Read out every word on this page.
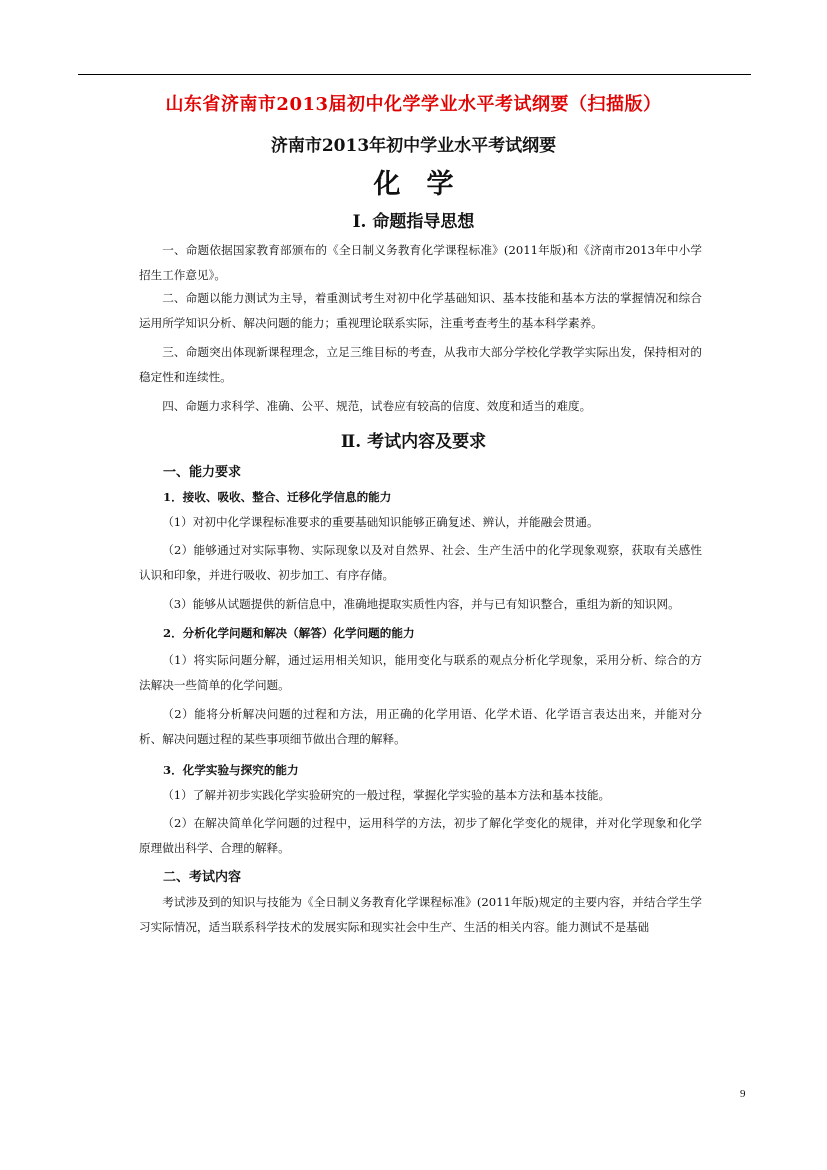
山东省济南市2013届初中化学学业水平考试纲要（扫描版）
济南市2013年初中学业水平考试纲要
化学
Ⅰ. 命题指导思想

一、命题依据国家教育部颁布的《全日制义务教育化学课程标准》(2011年版)和《济南市2013年中小学招生工作意见》。

二、命题以能力测试为主导，着重测试考生对初中化学基础知识、基本技能和基本方法的掌握情况和综合运用所学知识分析、解决问题的能力；重视理论联系实际，注重考查考生的基本科学素养。

三、命题突出体现新课程理念，立足三维目标的考查，从我市大部分学校化学教学实际出发，保持相对的稳定性和连续性。

四、命题力求科学、准确、公平、规范，试卷应有较高的信度、效度和适当的难度。

Ⅱ. 考试内容及要求
一、能力要求
1．接收、吸收、整合、迁移化学信息的能力

（1）对初中化学课程标准要求的重要基础知识能够正确复述、辨认，并能融会贯通。

（2）能够通过对实际事物、实际现象以及对自然界、社会、生产生活中的化学现象观察，获取有关感性认识和印象，并进行吸收、初步加工、有序存储。

（3）能够从试题提供的新信息中，准确地提取实质性内容，并与已有知识整合，重组为新的知识网。

2．分析化学问题和解决（解答）化学问题的能力

（1）将实际问题分解，通过运用相关知识，能用变化与联系的观点分析化学现象，采用分析、综合的方法解决一些简单的化学问题。

（2）能将分析解决问题的过程和方法，用正确的化学用语、化学术语、化学语言表达出来，并能对分析、解决问题过程的某些事项细节做出合理的解释。

3．化学实验与探究的能力

（1）了解并初步实践化学实验研究的一般过程，掌握化学实验的基本方法和基本技能。

（2）在解决简单化学问题的过程中，运用科学的方法，初步了解化学变化的规律，并对化学现象和化学原理做出科学、合理的解释。

二、考试内容

考试涉及到的知识与技能为《全日制义务教育化学课程标准》(2011年版)规定的主要内容，并结合学生学习实际情况，适当联系科学技术的发展实际和现实社会中生产、生活的相关内容。能力测试不是基础

9
